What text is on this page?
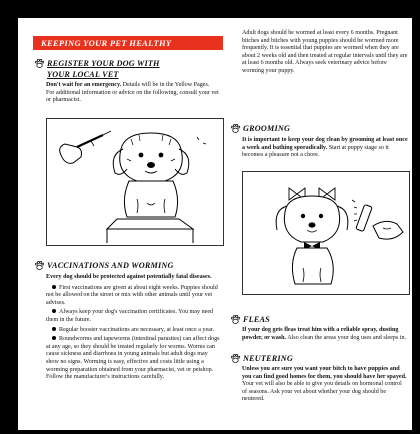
KEEPING YOUR PET HEALTHY
REGISTER YOUR DOG WITH
YOUR LOCAL VET

Don't wait for an emergency. Details will be in the Yellow Pages.

For additional information or advice on the following, consult your vet or pharmacist.

VACCINATIONS AND WORMING

Every dog should be protected against potentially fatal diseases.

First vaccinations are given at about eight weeks. Puppies should not be allowed on the street or mix with other animals until your vet advises.

Always keep your dog's vaccination certificates. You may need them in the future.

Regular booster vaccinations are necessary, at least once a year.

Roundworms and tapeworms (intestinal parasites) can affect dogs at any age, so they should be treated regularly for worms. Worms can cause sickness and diarrhoea in young animals but adult dogs may show no signs. Worming is easy, effective and costs little using a worming preparation obtained from your pharmacist, vet or petshop. Follow the manufacturer's instructions carefully.

Adult dogs should be wormed at least every 6 months. Pregnant bitches and bitches with young puppies should be wormed more frequently. It is essential that puppies are wormed when they are about 2 weeks old and then treated at regular intervals until they are at least 6 months old. Always seek veterinary advice before worming your puppy.

GROOMING

It is important to keep your dog clean by grooming at least once a week and bathing sporadically. Start at puppy stage so it becomes a pleasure not a chore.

FLEAS

If your dog gets fleas treat him with a reliable spray, dusting powder, or wash. Also clean the areas your dog uses and sleeps in.

NEUTERING

Unless you are sure you want your bitch to have puppies and you can find good homes for them, you should have her spayed. Your vet will also be able to give you details on hormonal control of seasons. Ask your vet about whether your dog should be neutered.
